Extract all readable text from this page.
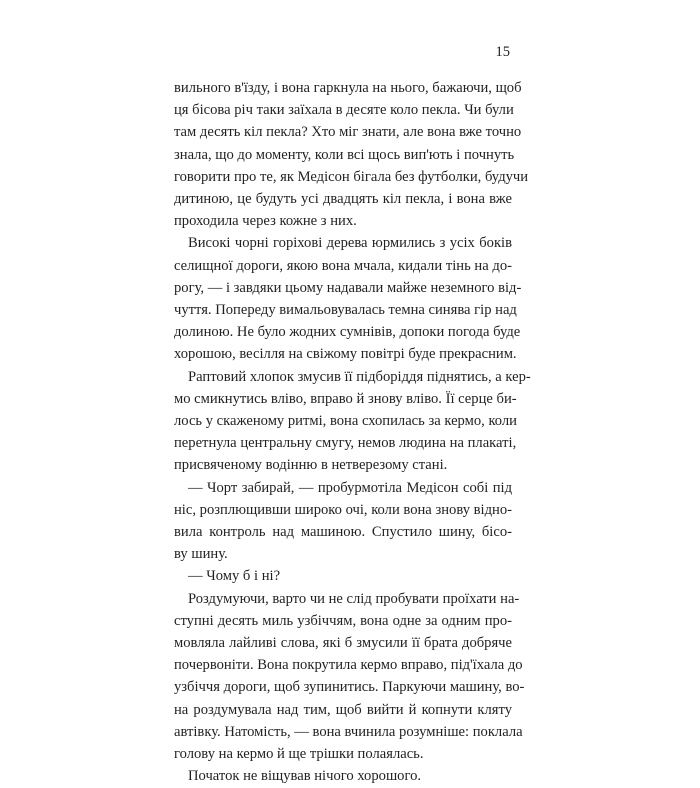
15
вильного в'їзду, і вона гаркнула на нього, бажаючи, щоб
ця бісова річ таки заїхала в десяте коло пекла. Чи були
там десять кіл пекла? Хто міг знати, але вона вже точно
знала, що до моменту, коли всі щось вип'ють і почнуть
говорити про те, як Медісон бігала без футболки, будучи
дитиною, це будуть усі двадцять кіл пекла, і вона вже
проходила через кожне з них.
Високі чорні горіхові дерева юрмились з усіх боків
селищної дороги, якою вона мчала, кидали тінь на до-
рогу, — і завдяки цьому надавали майже неземного від-
чуття. Попереду вимальовувалась темна синява гір над
долиною. Не було жодних сумнівів, допоки погода буде
хорошою, весілля на свіжому повітрі буде прекрасним.
Раптовий хлопок змусив її підборіддя піднятись, а кер-
мо смикнутись вліво, вправо й знову вліво. Її серце би-
лось у скаженому ритмі, вона схопилась за кермо, коли
перетнула центральну смугу, немов людина на плакаті,
присвяченому водінню в нетверезому стані.
— Чорт забирай, — пробурмотіла Медісон собі під
ніс, розплющивши широко очі, коли вона знову відно-
вила контроль над машиною. Спустило шину, бісо-
ву шину.
— Чому б і ні?
Роздумуючи, варто чи не слід пробувати проїхати на-
ступні десять миль узбіччям, вона одне за одним про-
мовляла лайливі слова, які б змусили її брата добряче
почервоніти. Вона покрутила кермо вправо, під'їхала до
узбіччя дороги, щоб зупинитись. Паркуючи машину, во-
на роздумувала над тим, щоб вийти й копнути кляту
автівку. Натомість, — вона вчинила розумніше: поклала
голову на кермо й ще трішки полаялась.
Початок не віщував нічого хорошого.
